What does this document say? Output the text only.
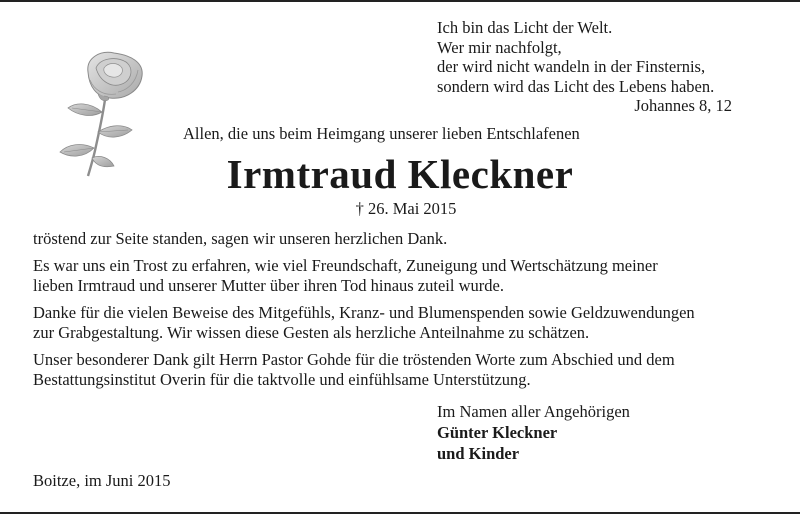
Ich bin das Licht der Welt.
Wer mir nachfolgt,
der wird nicht wandeln in der Finsternis,
sondern wird das Licht des Lebens haben.
Johannes 8, 12
Allen, die uns beim Heimgang unserer lieben Entschlafenen
Irmtraud Kleckner
† 26. Mai 2015

tröstend zur Seite standen, sagen wir unseren herzlichen Dank.

Es war uns ein Trost zu erfahren, wie viel Freundschaft, Zuneigung und Wertschätzung meiner
lieben Irmtraud und unserer Mutter über ihren Tod hinaus zuteil wurde.

Danke für die vielen Beweise des Mitgefühls, Kranz- und Blumenspenden sowie Geldzuwendungen
zur Grabgestaltung. Wir wissen diese Gesten als herzliche Anteilnahme zu schätzen.

Unser besonderer Dank gilt Herrn Pastor Gohde für die tröstenden Worte zum Abschied und dem
Bestattungsinstitut Overin für die taktvolle und einfühlsame Unterstützung.

Im Namen aller Angehörigen
Günter Kleckner
und Kinder
Boitze, im Juni 2015
